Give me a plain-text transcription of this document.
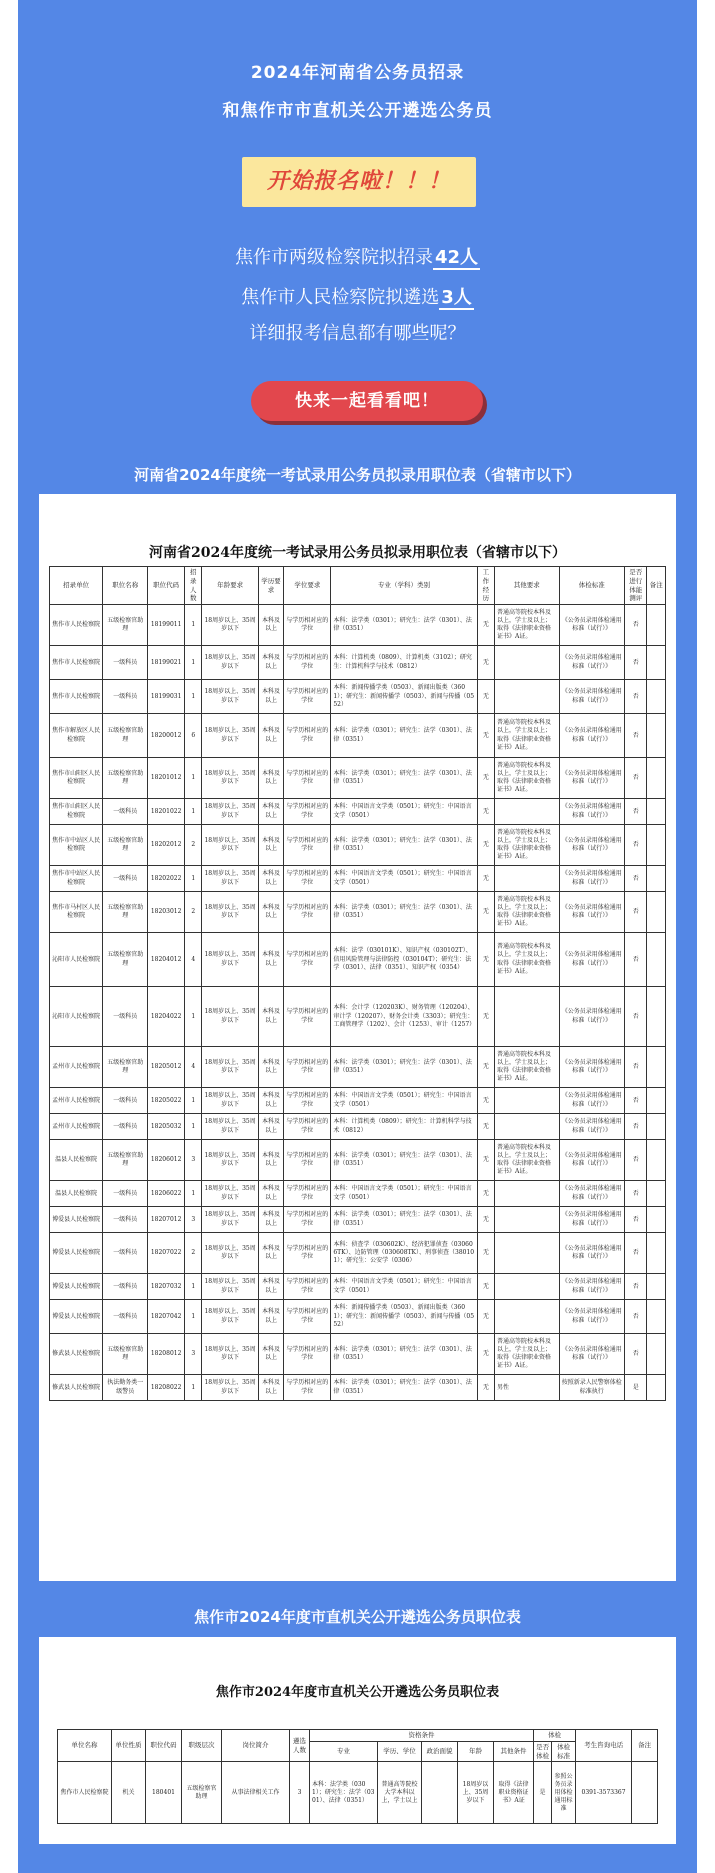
2024年河南省公务员招录
和焦作市市直机关公开遴选公务员
开始报名啦！！！
焦作市两级检察院拟招录 42人
焦作市人民检察院拟遴选 3人
详细报考信息都有哪些呢？
快来一起看看吧！
河南省2024年度统一考试录用公务员拟录用职位表（省辖市以下）
河南省2024年度统一考试录用公务员拟录用职位表（省辖市以下）
招录单位	职位名称	职位代码	招录人数	年龄要求	学历要求	学位要求	专业（学科）类别	工作经历	其他要求	体检标准	是否进行体能测评	备注
焦作市人民检察院	五级检察官助理	18199011	1	18周岁以上、35周岁以下	本科及以上	与学历相对应的学位	本科：法学类（0301）；研究生：法学（0301）、法律（0351）	无	普通高等院校本科及以上，学士及以上；取得《法律职业资格证书》A证。	《公务员录用体检通用标准（试行）》	否	
焦作市人民检察院	一级科员	18199021	1	18周岁以上、35周岁以下	本科及以上	与学历相对应的学位	本科：计算机类（0809）、计算机类（3102）；研究生：计算机科学与技术（0812）	无		《公务员录用体检通用标准（试行）》	否	
焦作市人民检察院	一级科员	18199031	1	18周岁以上、35周岁以下	本科及以上	与学历相对应的学位	本科：新闻传播学类（0503）、新闻出版类（3601）；研究生：新闻传播学（0503）、新闻与传播（0552）	无		《公务员录用体检通用标准（试行）》	否	
焦作市解放区人民检察院	五级检察官助理	18200012	6	18周岁以上、35周岁以下	本科及以上	与学历相对应的学位	本科：法学类（0301）；研究生：法学（0301）、法律（0351）	无	普通高等院校本科及以上，学士及以上；取得《法律职业资格证书》A证。	《公务员录用体检通用标准（试行）》	否	
焦作市山阳区人民检察院	五级检察官助理	18201012	1	18周岁以上、35周岁以下	本科及以上	与学历相对应的学位	本科：法学类（0301）；研究生：法学（0301）、法律（0351）	无	普通高等院校本科及以上，学士及以上；取得《法律职业资格证书》A证。	《公务员录用体检通用标准（试行）》	否	
焦作市山阳区人民检察院	一级科员	18201022	1	18周岁以上、35周岁以下	本科及以上	与学历相对应的学位	本科：中国语言文学类（0501）；研究生：中国语言文学（0501）	无		《公务员录用体检通用标准（试行）》	否	
焦作市中站区人民检察院	五级检察官助理	18202012	2	18周岁以上、35周岁以下	本科及以上	与学历相对应的学位	本科：法学类（0301）；研究生：法学（0301）、法律（0351）	无	普通高等院校本科及以上，学士及以上；取得《法律职业资格证书》A证。	《公务员录用体检通用标准（试行）》	否	
焦作市中站区人民检察院	一级科员	18202022	1	18周岁以上、35周岁以下	本科及以上	与学历相对应的学位	本科：中国语言文学类（0501）；研究生：中国语言文学（0501）	无		《公务员录用体检通用标准（试行）》	否	
焦作市马村区人民检察院	五级检察官助理	18203012	2	18周岁以上、35周岁以下	本科及以上	与学历相对应的学位	本科：法学类（0301）；研究生：法学（0301）、法律（0351）	无	普通高等院校本科及以上，学士及以上；取得《法律职业资格证书》A证。	《公务员录用体检通用标准（试行）》	否	
沁阳市人民检察院	五级检察官助理	18204012	4	18周岁以上、35周岁以下	本科及以上	与学历相对应的学位	本科：法学（030101K）、知识产权（030102T）、信用风险管理与法律防控（030104T）；研究生：法学（0301）、法律（0351）、知识产权（0354）	无	普通高等院校本科及以上，学士及以上；取得《法律职业资格证书》A证。	《公务员录用体检通用标准（试行）》	否	
沁阳市人民检察院	一级科员	18204022	1	18周岁以上、35周岁以下	本科及以上	与学历相对应的学位	本科：会计学（120203K）、财务管理（120204）、审计学（120207）、财务会计类（3303）；研究生：工商管理学（1202）、会计（1253）、审计（1257）	无		《公务员录用体检通用标准（试行）》	否	
孟州市人民检察院	五级检察官助理	18205012	4	18周岁以上、35周岁以下	本科及以上	与学历相对应的学位	本科：法学类（0301）；研究生：法学（0301）、法律（0351）	无	普通高等院校本科及以上，学士及以上；取得《法律职业资格证书》A证。	《公务员录用体检通用标准（试行）》	否	
孟州市人民检察院	一级科员	18205022	1	18周岁以上、35周岁以下	本科及以上	与学历相对应的学位	本科：中国语言文学类（0501）；研究生：中国语言文学（0501）	无		《公务员录用体检通用标准（试行）》	否	
孟州市人民检察院	一级科员	18205032	1	18周岁以上、35周岁以下	本科及以上	与学历相对应的学位	本科：计算机类（0809）；研究生：计算机科学与技术（0812）	无		《公务员录用体检通用标准（试行）》	否	
温县人民检察院	五级检察官助理	18206012	3	18周岁以上、35周岁以下	本科及以上	与学历相对应的学位	本科：法学类（0301）；研究生：法学（0301）、法律（0351）	无	普通高等院校本科及以上，学士及以上；取得《法律职业资格证书》A证。	《公务员录用体检通用标准（试行）》	否	
温县人民检察院	一级科员	18206022	1	18周岁以上、35周岁以下	本科及以上	与学历相对应的学位	本科：中国语言文学类（0501）；研究生：中国语言文学（0501）	无		《公务员录用体检通用标准（试行）》	否	
博爱县人民检察院	一级科员	18207012	3	18周岁以上、35周岁以下	本科及以上	与学历相对应的学位	本科：法学类（0301）；研究生：法学（0301）、法律（0351）	无		《公务员录用体检通用标准（试行）》	否	
博爱县人民检察院	一级科员	18207022	2	18周岁以上、35周岁以下	本科及以上	与学历相对应的学位	本科：侦查学（030602K）、经济犯罪侦查（030606TK）、边防管理（030608TK）、刑事侦查（380101）；研究生：公安学（0306）	无		《公务员录用体检通用标准（试行）》	否	
博爱县人民检察院	一级科员	18207032	1	18周岁以上、35周岁以下	本科及以上	与学历相对应的学位	本科：中国语言文学类（0501）；研究生：中国语言文学（0501）	无		《公务员录用体检通用标准（试行）》	否	
博爱县人民检察院	一级科员	18207042	1	18周岁以上、35周岁以下	本科及以上	与学历相对应的学位	本科：新闻传播学类（0503）、新闻出版类（3601）；研究生：新闻传播学（0503）、新闻与传播（0552）	无		《公务员录用体检通用标准（试行）》	否	
修武县人民检察院	五级检察官助理	18208012	3	18周岁以上、35周岁以下	本科及以上	与学历相对应的学位	本科：法学类（0301）；研究生：法学（0301）、法律（0351）	无	普通高等院校本科及以上，学士及以上；取得《法律职业资格证书》A证。	《公务员录用体检通用标准（试行）》	否	
修武县人民检察院	执法勤务类一级警员	18208022	1	18周岁以上、35周岁以下	本科及以上	与学历相对应的学位	本科：法学类（0301）；研究生：法学（0301）、法律（0351）	无	男性	按照新录人民警察体检标准执行	是	
焦作市2024年度市直机关公开遴选公务员职位表
焦作市2024年度市直机关公开遴选公务员职位表
单位名称	单位性质	职位代码	职级层次	岗位简介	遴选人数	资格条件					体检		考生咨询电话	备注
						专业	学历、学位	政治面貌	年龄	其他条件	是否体检	体检标准		
焦作市人民检察院	机关	180401	五级检察官助理	从事法律相关工作	3	本科：法学类（0301）；研究生：法学（0301）、法律（0351）	普通高等院校大学本科以上，学士以上		18周岁以上、35周岁以下	取得《法律职业资格证书》A证	是	参照公务员录用体检通用标准	0391-3573367	
